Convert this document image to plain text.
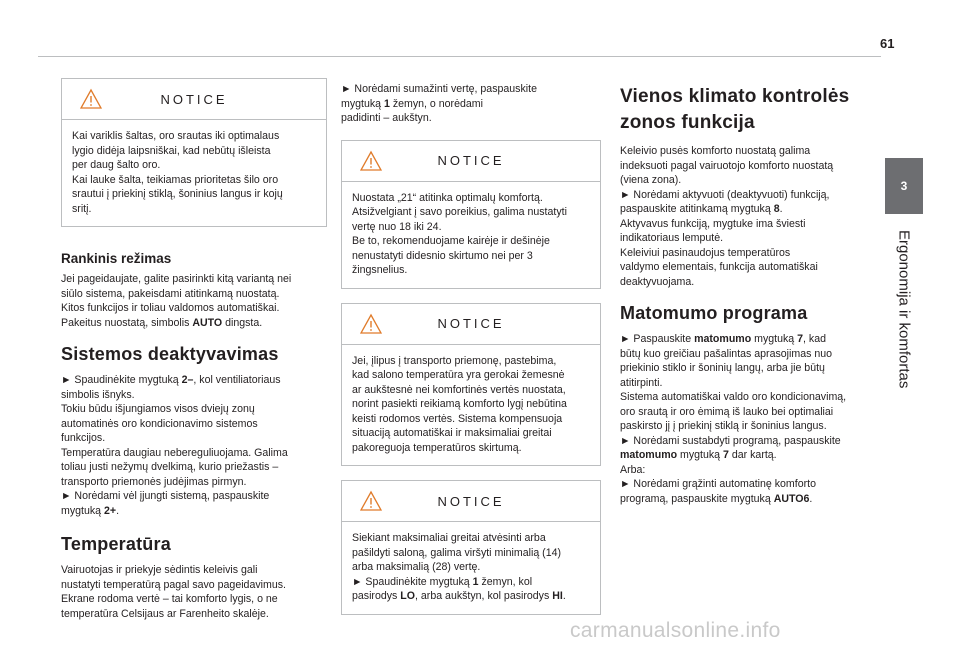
61
3
Ergonomija ir komfortas
NOTICE

Kai variklis šaltas, oro srautas iki optimalaus

lygio didėja laipsniškai, kad nebūtų išleista

per daug šalto oro.

Kai lauke šalta, teikiamas prioritetas šilo oro

srautui į priekinį stiklą, šoninius langus ir kojų

sritį.

Rankinis režimas

Jei pageidaujate, galite pasirinkti kitą variantą nei

siūlo sistema, pakeisdami atitinkamą nuostatą.

Kitos funkcijos ir toliau valdomos automatiškai.

Pakeitus nuostatą, simbolis AUTO dingsta.

Sistemos deaktyvavimas

► Spaudinėkite mygtuką 2–, kol ventiliatoriaus

simbolis išnyks.

Tokiu būdu išjungiamos visos dviejų zonų

automatinės oro kondicionavimo sistemos

funkcijos.

Temperatūra daugiau nebereguliuojama. Galima

toliau justi nežymų dvelkimą, kurio priežastis –

transporto priemonės judėjimas pirmyn.

► Norėdami vėl įjungti sistemą, paspauskite

mygtuką 2+.

Temperatūra

Vairuotojas ir priekyje sėdintis keleivis gali

nustatyti temperatūrą pagal savo pageidavimus.

Ekrane rodoma vertė – tai komforto lygis, o ne

temperatūra Celsijaus ar Farenheito skalėje.

► Norėdami sumažinti vertę, paspauskite

mygtuką 1 žemyn, o norėdami

padidinti – aukštyn.

NOTICE

Nuostata „21“ atitinka optimalų komfortą.

Atsižvelgiant į savo poreikius, galima nustatyti

vertę nuo 18 iki 24.

Be to, rekomenduojame kairėje ir dešinėje

nenustatyti didesnio skirtumo nei per 3

žingsnelius.

NOTICE

Jei, įlipus į transporto priemonę, pastebima,

kad salono temperatūra yra gerokai žemesnė

ar aukštesnė nei komfortinės vertės nuostata,

norint pasiekti reikiamą komforto lygį nebūtina

keisti rodomos vertės. Sistema kompensuoja

situaciją automatiškai ir maksimaliai greitai

pakoreguoja temperatūros skirtumą.

NOTICE

Siekiant maksimaliai greitai atvėsinti arba

pašildyti saloną, galima viršyti minimalią (14)

arba maksimalią (28) vertę.

► Spaudinėkite mygtuką 1 žemyn, kol

pasirodys LO, arba aukštyn, kol pasirodys HI.

Vienos klimato kontrolės
zonos funkcija

Keleivio pusės komforto nuostatą galima

indeksuoti pagal vairuotojo komforto nuostatą

(viena zona).

► Norėdami aktyvuoti (deaktyvuoti) funkciją,

paspauskite atitinkamą mygtuką 8.

Aktyvavus funkciją, mygtuke ima šviesti

indikatoriaus lemputė.

Keleiviui pasinaudojus temperatūros

valdymo elementais, funkcija automatiškai

deaktyvuojama.

Matomumo programa

► Paspauskite matomumo mygtuką 7, kad

būtų kuo greičiau pašalintas aprasojimas nuo

priekinio stiklo ir šoninių langų, arba jie būtų

atitirpinti.

Sistema automatiškai valdo oro kondicionavimą,

oro srautą ir oro ėmimą iš lauko bei optimaliai

paskirsto jį į priekinį stiklą ir šoninius langus.

► Norėdami sustabdyti programą, paspauskite

matomumo mygtuką 7 dar kartą.

Arba:

► Norėdami grąžinti automatinę komforto

programą, paspauskite mygtuką AUTO6.

carmanualsonline.info
